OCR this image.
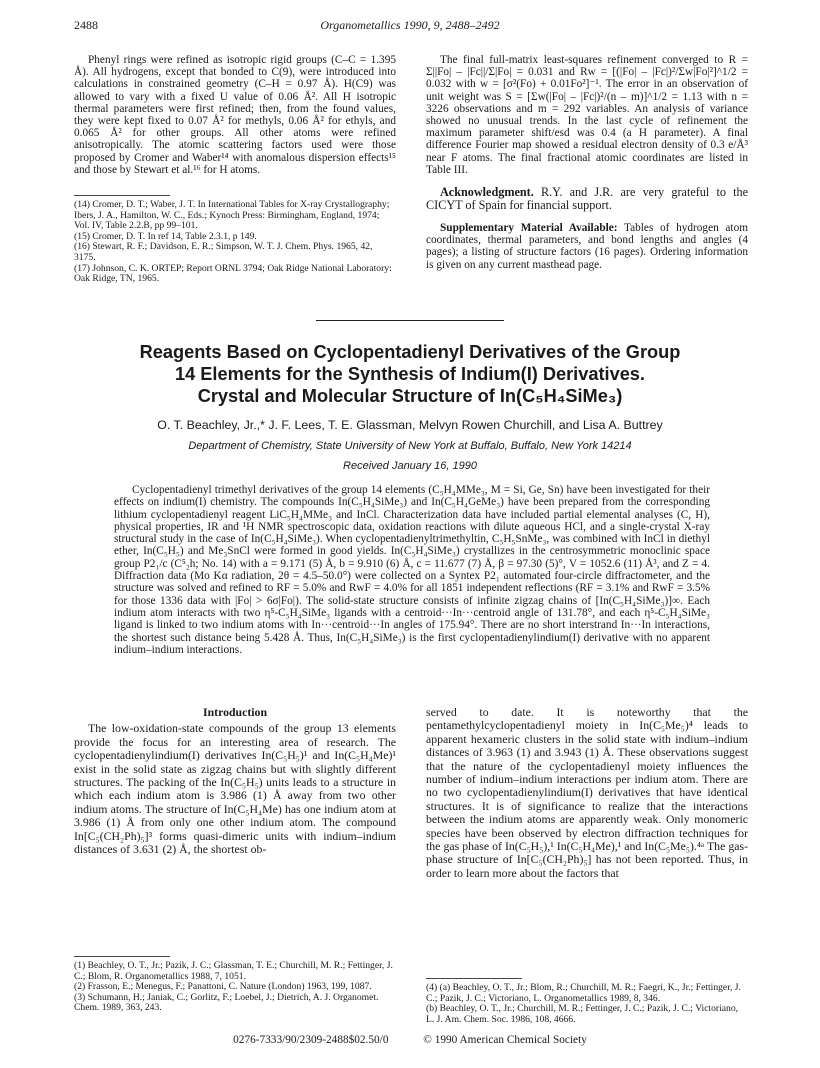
2488	Organometallics 1990, 9, 2488–2492

Phenyl rings were refined as isotropic rigid groups (C–C = 1.395 Å). All hydrogens, except that bonded to C(9), were introduced into calculations in constrained geometry (C–H = 0.97 Å). H(C9) was allowed to vary with a fixed U value of 0.06 Å². All H isotropic thermal parameters were first refined; then, from the found values, they were kept fixed to 0.07 Å² for methyls, 0.06 Å² for ethyls, and 0.065 Å² for other groups. All other atoms were refined anisotropically. The atomic scattering factors used were those proposed by Cromer and Waber¹⁴ with anomalous dispersion effects¹⁵ and those by Stewart et al.¹⁶ for H atoms.

(14) Cromer, D. T.; Waber, J. T. In International Tables for X-ray Crystallography; Ibers, J. A., Hamilton, W. C., Eds.; Kynoch Press: Birmingham, England, 1974; Vol. IV, Table 2.2.B, pp 99–101.

(15) Cromer, D. T. In ref 14, Table 2.3.1, p 149.

(16) Stewart, R. F.; Davidson, E. R.; Simpson, W. T. J. Chem. Phys. 1965, 42, 3175.

(17) Johnson, C. K. ORTEP; Report ORNL 3794; Oak Ridge National Laboratory: Oak Ridge, TN, 1965.

The final full-matrix least-squares refinement converged to R = Σ||Fo| – |Fc||/Σ|Fo| = 0.031 and Rw = [(|Fo| – |Fc|)²/Σw|Fo|²]^1/2 = 0.032 with w = [σ²(Fo) + 0.01Fo²]⁻¹. The error in an observation of unit weight was S = [Σw(|Fo| – |Fc|)²/(n – m)]^1/2 = 1.13 with n = 3226 observations and m = 292 variables. An analysis of variance showed no unusual trends. In the last cycle of refinement the maximum parameter shift/esd was 0.4 (a H parameter). A final difference Fourier map showed a residual electron density of 0.3 e/Å³ near F atoms. The final fractional atomic coordinates are listed in Table III.

Acknowledgment. R.Y. and J.R. are very grateful to the CICYT of Spain for financial support.

Supplementary Material Available: Tables of hydrogen atom coordinates, thermal parameters, and bond lengths and angles (4 pages); a listing of structure factors (16 pages). Ordering information is given on any current masthead page.

Reagents Based on Cyclopentadienyl Derivatives of the Group
14 Elements for the Synthesis of Indium(I) Derivatives.
Crystal and Molecular Structure of In(C₅H₄SiMe₃)
O. T. Beachley, Jr.,* J. F. Lees, T. E. Glassman, Melvyn Rowen Churchill, and Lisa A. Buttrey
Department of Chemistry, State University of New York at Buffalo, Buffalo, New York 14214
Received January 16, 1990

Cyclopentadienyl trimethyl derivatives of the group 14 elements (C₅H₄MMe₃, M = Si, Ge, Sn) have been investigated for their effects on indium(I) chemistry. The compounds In(C₅H₄SiMe₃) and In(C₅H₄GeMe₃) have been prepared from the corresponding lithium cyclopentadienyl reagent LiC₅H₄MMe₃ and InCl. Characterization data have included partial elemental analyses (C, H), physical properties, IR and ¹H NMR spectroscopic data, oxidation reactions with dilute aqueous HCl, and a single-crystal X-ray structural study in the case of In(C₅H₄SiMe₃). When cyclopentadienyltrimethyltin, C₅H₅SnMe₃, was combined with InCl in diethyl ether, In(C₅H₅) and Me₃SnCl were formed in good yields. In(C₅H₄SiMe₃) crystallizes in the centrosymmetric monoclinic space group P2₁/c (C⁵₂h; No. 14) with a = 9.171 (5) Å, b = 9.910 (6) Å, c = 11.677 (7) Å, β = 97.30 (5)°, V = 1052.6 (11) Å³, and Z = 4. Diffraction data (Mo Kα radiation, 2θ = 4.5–50.0°) were collected on a Syntex P2₁ automated four-circle diffractometer, and the structure was solved and refined to RF = 5.0% and RwF = 4.0% for all 1851 independent reflections (RF = 3.1% and RwF = 3.5% for those 1336 data with |Fo| > 6σ|Fo|). The solid-state structure consists of infinite zigzag chains of [In(C₅H₄SiMe₃)]∞. Each indium atom interacts with two η⁵-C₅H₄SiMe₃ ligands with a centroid···In···centroid angle of 131.78°, and each η⁵-C₅H₄SiMe₃ ligand is linked to two indium atoms with In···centroid···In angles of 175.94°. There are no short interstrand In···In interactions, the shortest such distance being 5.428 Å. Thus, In(C₅H₄SiMe₃) is the first cyclopentadienylindium(I) derivative with no apparent indium–indium interactions.

Introduction

The low-oxidation-state compounds of the group 13 elements provide the focus for an interesting area of research. The cyclopentadienylindium(I) derivatives In(C₅H₅)¹ and In(C₅H₄Me)¹ exist in the solid state as zigzag chains but with slightly different structures. The packing of the In(C₅H₅) units leads to a structure in which each indium atom is 3.986 (1) Å away from two other indium atoms. The structure of In(C₅H₄Me) has one indium atom at 3.986 (1) Å from only one other indium atom. The compound In[C₅(CH₂Ph)₅]³ forms quasi-dimeric units with indium–indium distances of 3.631 (2) Å, the shortest ob-

(1) Beachley, O. T., Jr.; Pazik, J. C.; Glassman, T. E.; Churchill, M. R.; Fettinger, J. C.; Blom, R. Organometallics 1988, 7, 1051.

(2) Frasson, E.; Menegus, F.; Panattoni, C. Nature (London) 1963, 199, 1087.

(3) Schumann, H.; Janiak, C.; Gorlitz, F.; Loebel, J.; Dietrich, A. J. Organomet. Chem. 1989, 363, 243.

served to date. It is noteworthy that the pentamethylcyclopentadienyl moiety in In(C₅Me₅)⁴ leads to apparent hexameric clusters in the solid state with indium–indium distances of 3.963 (1) and 3.943 (1) Å. These observations suggest that the nature of the cyclopentadienyl moiety influences the number of indium–indium interactions per indium atom. There are no two cyclopentadienylindium(I) derivatives that have identical structures. It is of significance to realize that the interactions between the indium atoms are apparently weak. Only monomeric species have been observed by electron diffraction techniques for the gas phase of In(C₅H₅),¹ In(C₅H₄Me),¹ and In(C₅Me₅).⁴ᵃ The gas-phase structure of In[C₅(CH₂Ph)₅] has not been reported. Thus, in order to learn more about the factors that

(4) (a) Beachley, O. T., Jr.; Blom, R.; Churchill, M. R.; Faegri, K., Jr.; Fettinger, J. C.; Pazik, J. C.; Victoriano, L. Organometallics 1989, 8, 346.

(b) Beachley, O. T., Jr.; Churchill, M. R.; Fettinger, J. C.; Pazik, J. C.; Victoriano, L. J. Am. Chem. Soc. 1986, 108, 4666.

0276-7333/90/2309-2488$02.50/0	© 1990 American Chemical Society
